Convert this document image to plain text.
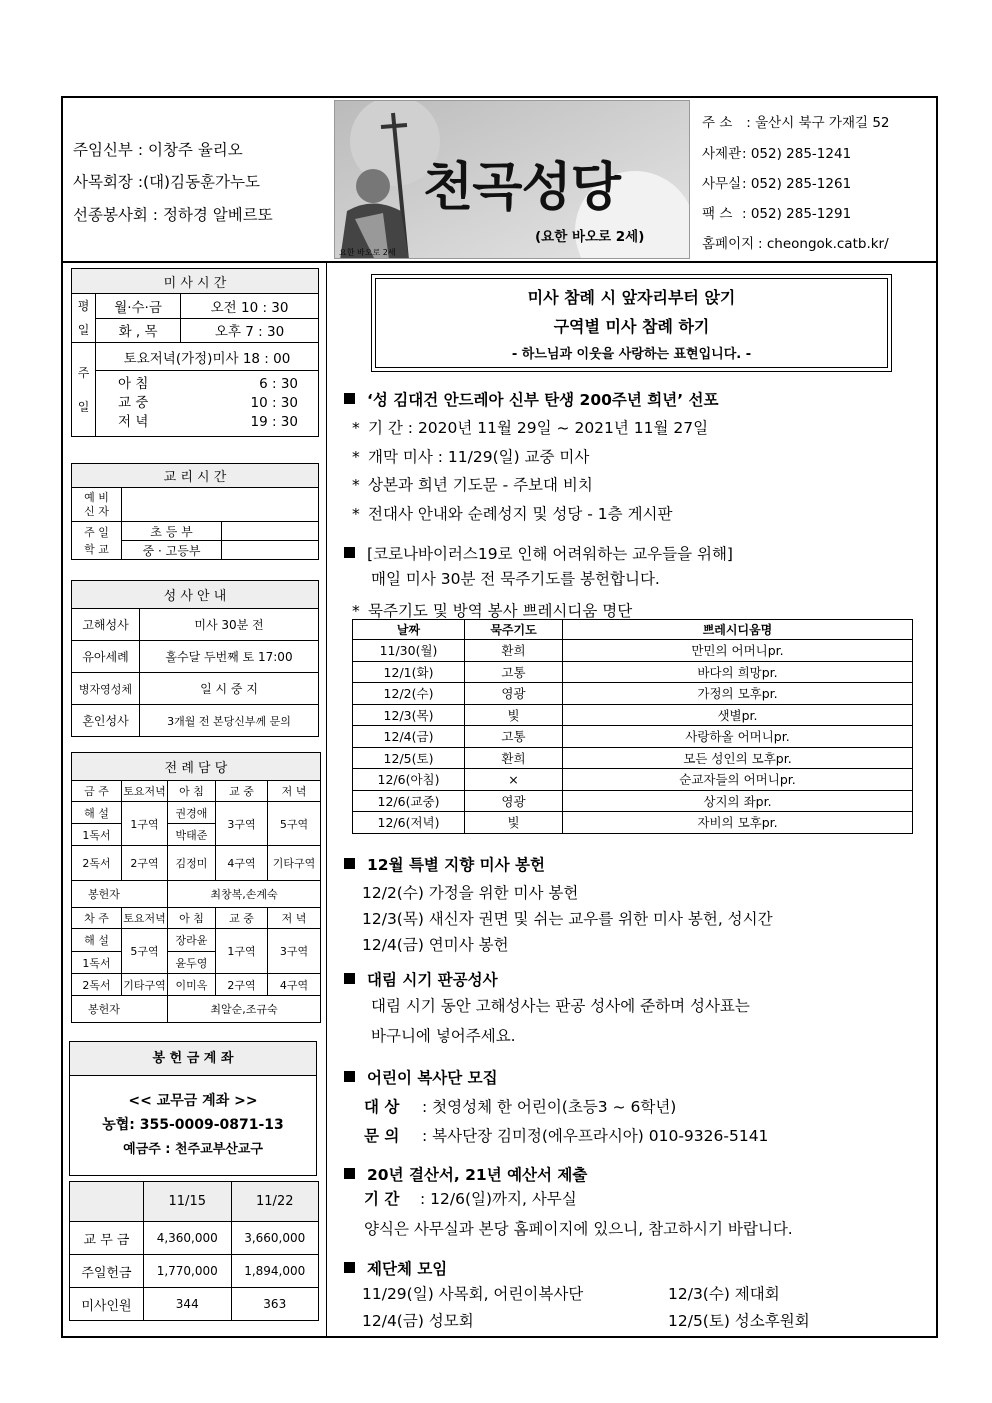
주임신부 : 이창주 율리오
사목회장 :(대)김동훈가누도
선종봉사회 : 정하경 알베르또	천곡성당
(요한 바오로 2세)
요한 바오로 2세
주 소 : 울산시 북구 가재길 52
사제관: 052) 285-1241
사무실: 052) 285-1261
팩 스 : 052) 285-1291
홈페이지 : cheongok.catb.kr/
미 사 시 간		
평
일	월·수·금	오전 10 : 30
	화 , 목	오후 7 : 30
주
일	토요저녁(가정)미사 18 : 00	

	아 침 6 : 30
교 중 10 : 30
저 녁 19 : 30	
교 리 시 간		
예 비
신 자		
주 일
학 교	초 등 부	
	중 · 고등부	
성 사 안 내	
고해성사	미사 30분 전
유아세례	홀수달 두번째 토 17:00
병자영성체	일 시 중 지
혼인성사	3개월 전 본당신부께 문의
전 례 담 당				
금 주	토요저녁	아 침	교 중	저 녁
해 설	1구역	권경애	3구역	5구역
1독서		박태준		
2독서	2구역	김정미	4구역	기타구역
봉헌자		최창복,손계숙		
차 주	토요저녁	아 침	교 중	저 녁
해 설	5구역	장라윤	1구역	3구역
1독서		윤두영		
2독서	기타구역	이미옥	2구역	4구역
봉헌자		최알순,조규숙		
봉 헌 금 계 좌
<< 교무금 계좌 >>
농협: 355-0009-0871-13
예금주 : 천주교부산교구
	11/15	11/22
교 무 금	4,360,000	3,660,000
주일헌금	1,770,000	1,894,000
미사인원	344	363
미사 참례 시 앞자리부터 앉기
구역별 미사 참례 하기
- 하느님과 이웃을 사랑하는 표현입니다. -
‘성 김대건 안드레아 신부 탄생 200주년 희년’ 선포
* 기 간 : 2020년 11월 29일 ~ 2021년 11월 27일
* 개막 미사 : 11/29(일) 교중 미사
* 상본과 희년 기도문 - 주보대 비치
* 전대사 안내와 순례성지 및 성당 - 1층 게시판
[코로나바이러스19로 인해 어려워하는 교우들을 위해]
매일 미사 30분 전 묵주기도를 봉헌합니다.
* 묵주기도 및 방역 봉사 쁘레시디움 명단
날짜	묵주기도	쁘레시디움명
11/30(월)	환희	만민의 어머니pr.
12/1(화)	고통	바다의 희망pr.
12/2(수)	영광	가정의 모후pr.
12/3(목)	빛	샛별pr.
12/4(금)	고통	사랑하올 어머니pr.
12/5(토)	환희	모든 성인의 모후pr.
12/6(아침)	×	순교자들의 어머니pr.
12/6(교중)	영광	상지의 좌pr.
12/6(저녁)	빛	자비의 모후pr.
12월 특별 지향 미사 봉헌
12/2(수) 가정을 위한 미사 봉헌
12/3(목) 새신자 권면 및 쉬는 교우를 위한 미사 봉헌, 성시간
12/4(금) 연미사 봉헌
대림 시기 판공성사
대림 시기 동안 고해성사는 판공 성사에 준하며 성사표는
바구니에 넣어주세요.
어린이 복사단 모집
대 상 : 첫영성체 한 어린이(초등3 ~ 6학년)
문 의 : 복사단장 김미정(에우프라시아) 010-9326-5141
20년 결산서, 21년 예산서 제출
기 간 : 12/6(일)까지, 사무실
양식은 사무실과 본당 홈페이지에 있으니, 참고하시기 바랍니다.
제단체 모임
11/29(일) 사목회, 어린이복사단	12/3(수) 제대회
12/4(금) 성모회	12/5(토) 성소후원회
